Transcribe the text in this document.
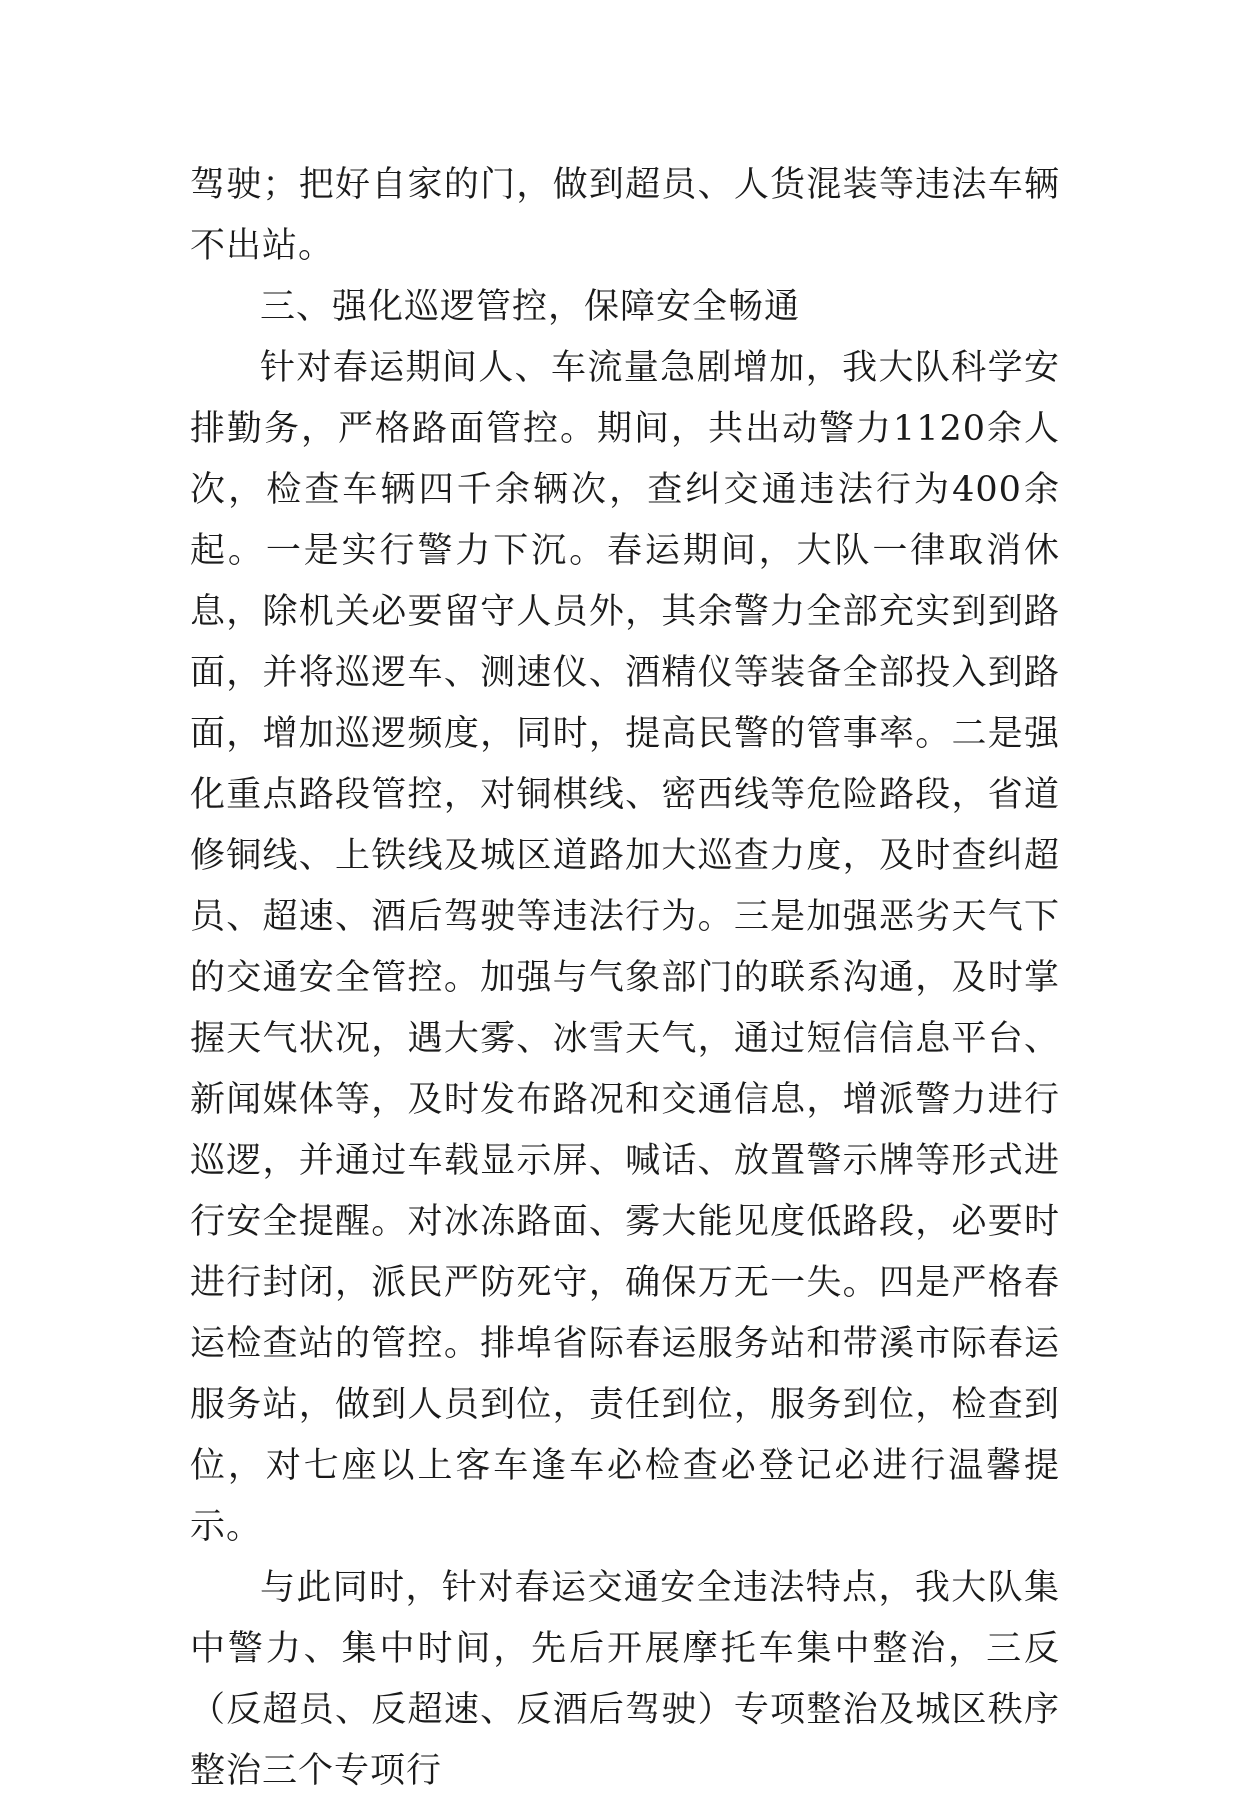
驾驶；把好自家的门，做到超员、人货混装等违法车辆不出站。

三、强化巡逻管控，保障安全畅通

针对春运期间人、车流量急剧增加，我大队科学安排勤务，严格路面管控。期间，共出动警力1120余人次，检查车辆四千余辆次，查纠交通违法行为400余起。一是实行警力下沉。春运期间，大队一律取消休息，除机关必要留守人员外，其余警力全部充实到到路面，并将巡逻车、测速仪、酒精仪等装备全部投入到路面，增加巡逻频度，同时，提高民警的管事率。二是强化重点路段管控，对铜棋线、密西线等危险路段，省道修铜线、上铁线及城区道路加大巡查力度，及时查纠超员、超速、酒后驾驶等违法行为。三是加强恶劣天气下的交通安全管控。加强与气象部门的联系沟通，及时掌握天气状况，遇大雾、冰雪天气，通过短信信息平台、新闻媒体等，及时发布路况和交通信息，增派警力进行巡逻，并通过车载显示屏、喊话、放置警示牌等形式进行安全提醒。对冰冻路面、雾大能见度低路段，必要时进行封闭，派民严防死守，确保万无一失。四是严格春运检查站的管控。排埠省际春运服务站和带溪市际春运服务站，做到人员到位，责任到位，服务到位，检查到位，对七座以上客车逢车必检查必登记必进行温馨提示。

与此同时，针对春运交通安全违法特点，我大队集中警力、集中时间，先后开展摩托车集中整治，三反（反超员、反超速、反酒后驾驶）专项整治及城区秩序整治三个专项行
